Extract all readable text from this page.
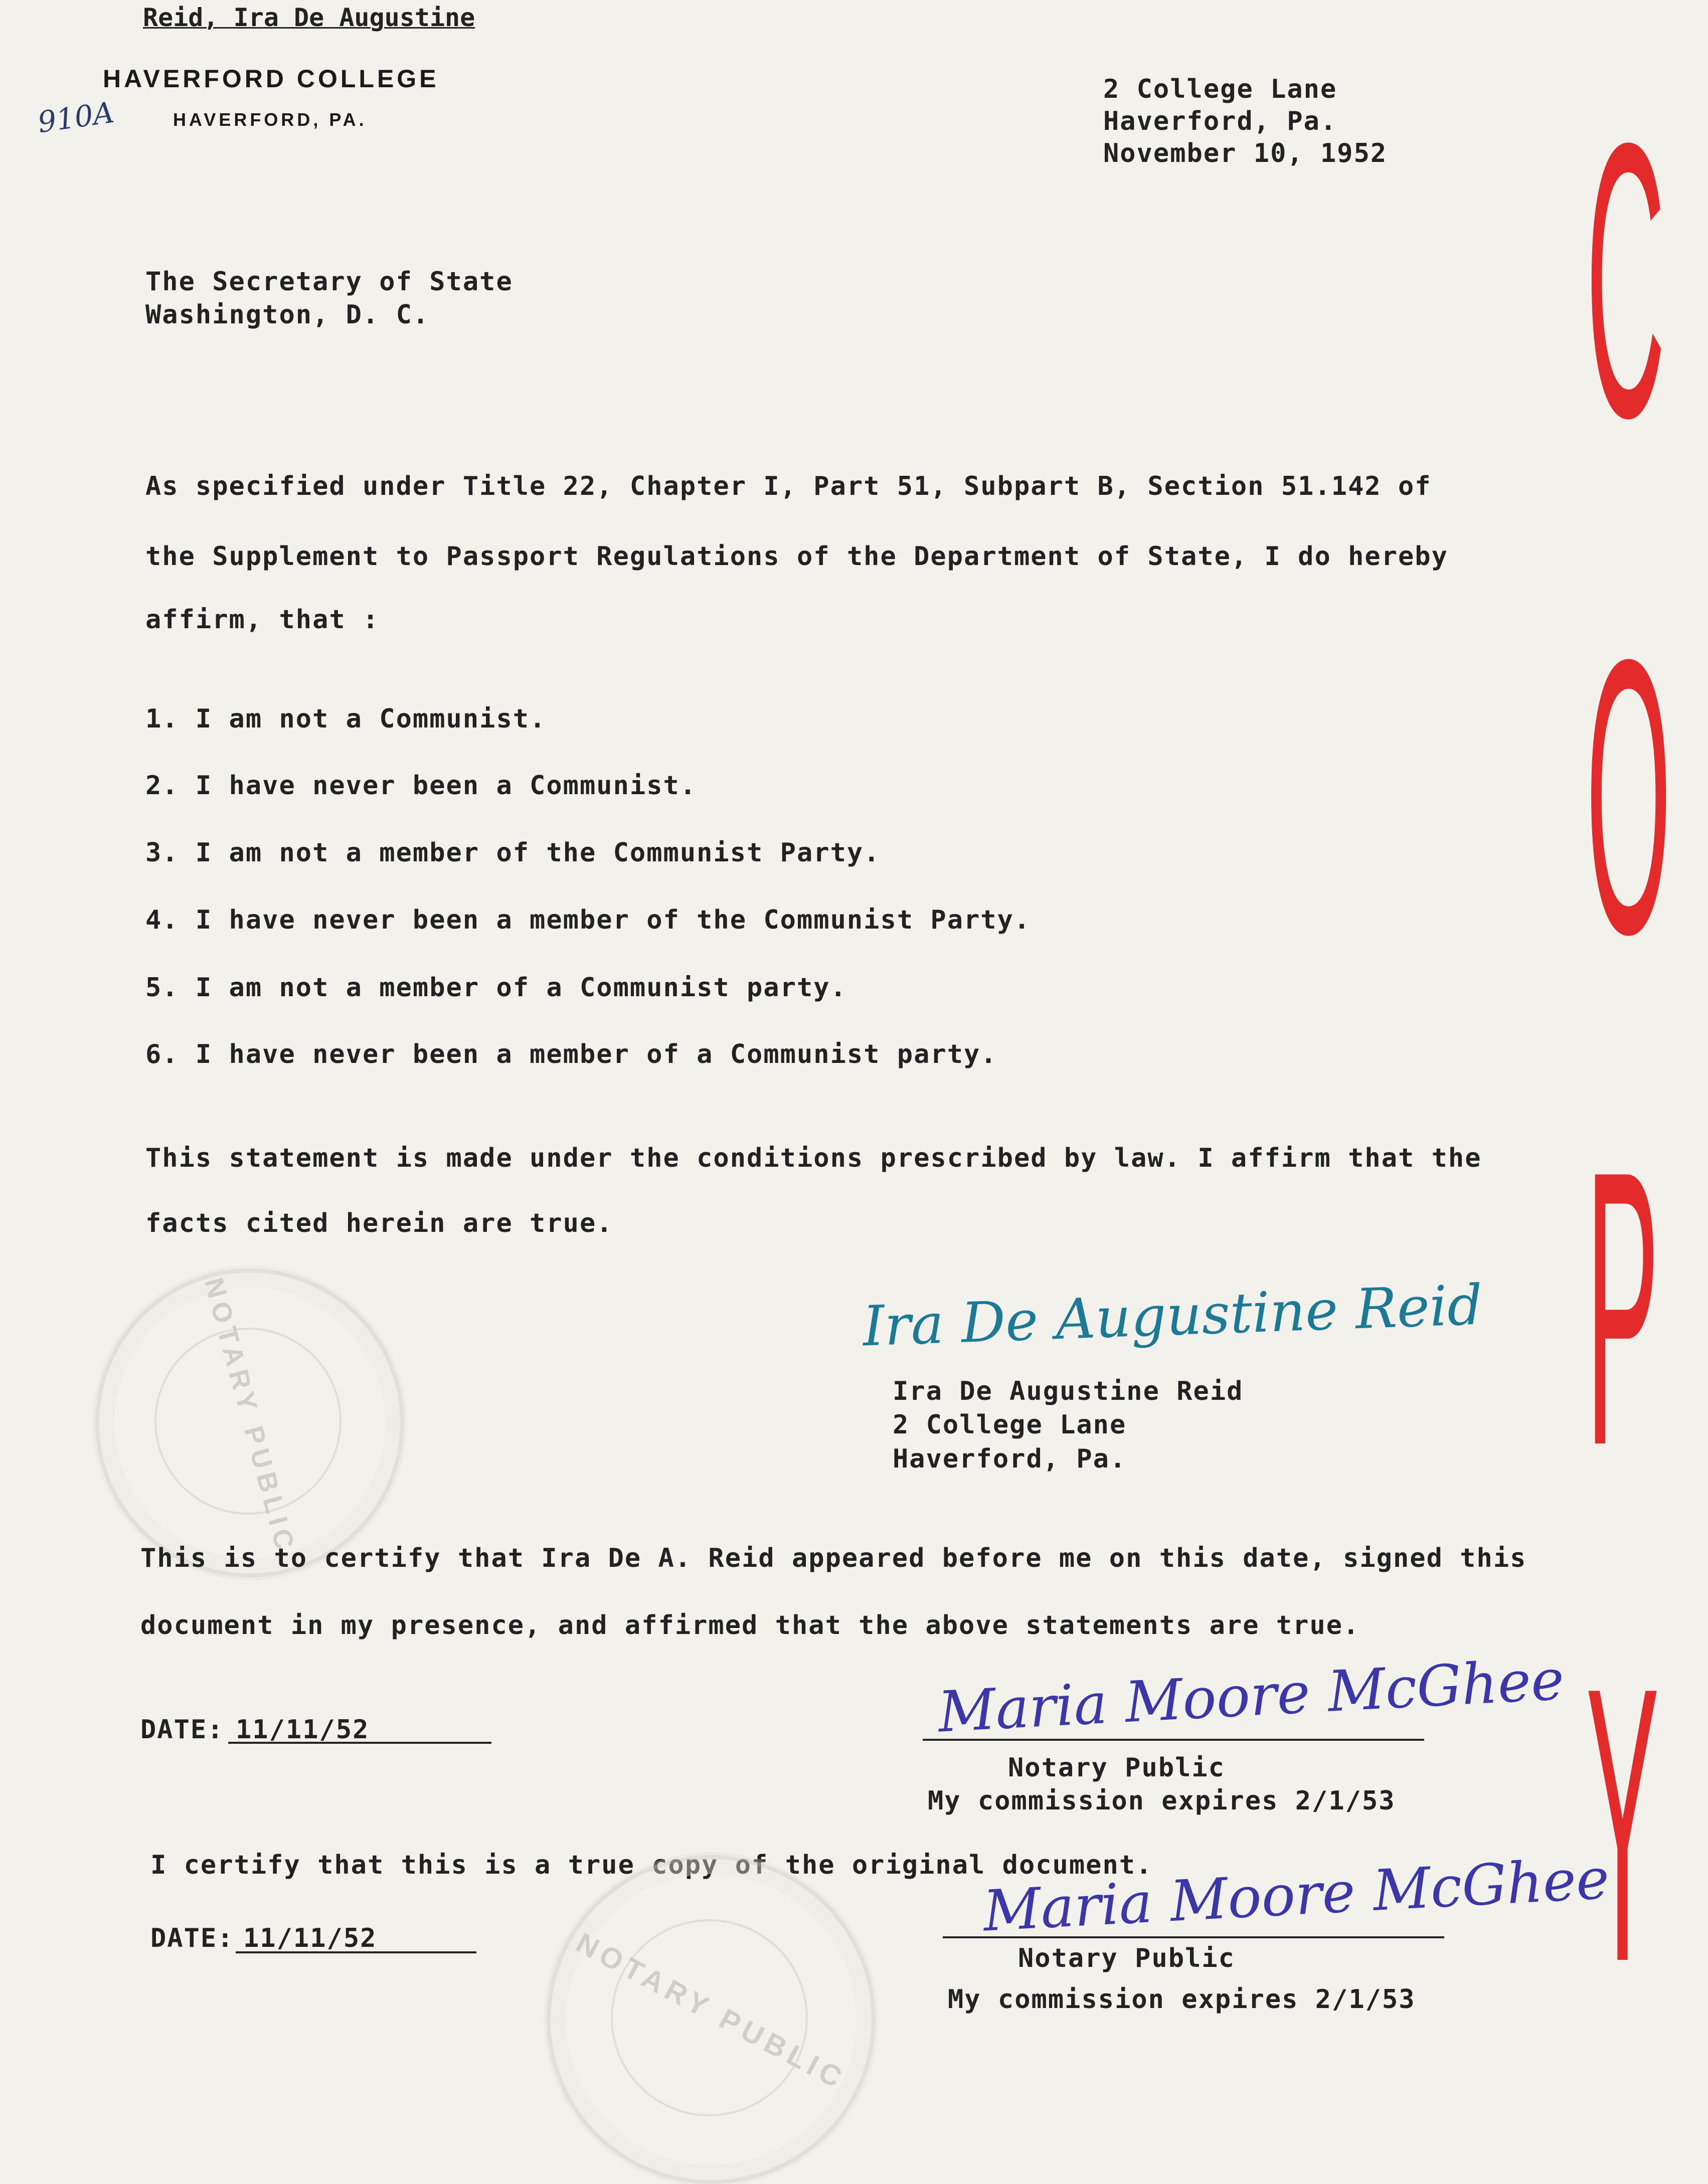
Reid, Ira De Augustine
910A
HAVERFORD COLLEGE
HAVERFORD, PA.
2 College Lane
Haverford, Pa.
November 10, 1952
The Secretary of State
Washington, D. C.
As specified under Title 22, Chapter I, Part 51, Subpart B, Section 51.142 of
the Supplement to Passport Regulations of the Department of State, I do hereby
affirm, that :
1. I am not a Communist.
2. I have never been a Communist.
3. I am not a member of the Communist Party.
4. I have never been a member of the Communist Party.
5. I am not a member of a Communist party.
6. I have never been a member of a Communist party.
This statement is made under the conditions prescribed by law. I affirm that the
facts cited herein are true.
NOTARY PUBLIC	Ira De Augustine Reid
Ira De Augustine Reid
2 College Lane
Haverford, Pa.
This is to certify that Ira De A. Reid appeared before me on this date, signed this
document in my presence, and affirmed that the above statements are true.
DATE: 11/11/52	Maria Moore McGhee
Notary Public
My commission expires 2/1/53
I certify that this is a true copy of the original document.
NOTARY PUBLIC
DATE: 11/11/52	Maria Moore McGhee
Notary Public
My commission expires 2/1/53
C
O
P
Y
